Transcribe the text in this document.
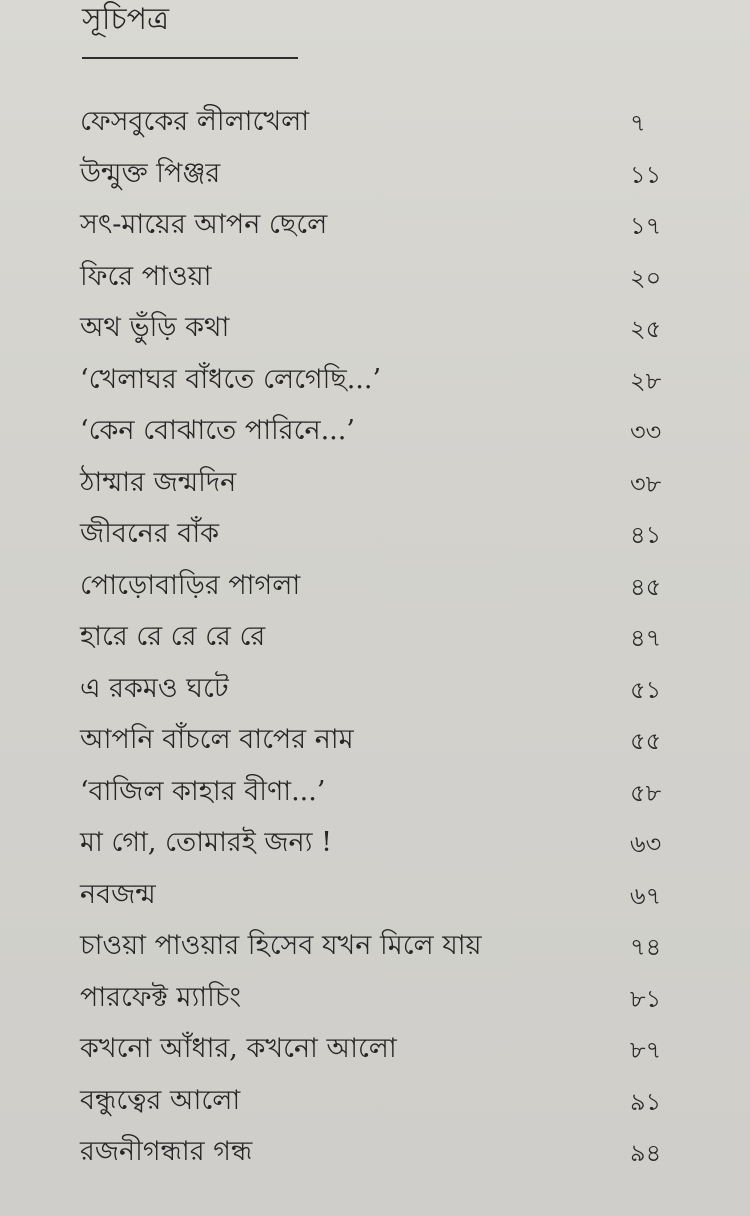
সূচিপত্র
ফেসবুকের লীলাখেলা	৭
উন্মুক্ত পিঞ্জর	১১
সৎ-মায়ের আপন ছেলে	১৭
ফিরে পাওয়া	২০
অথ ভুঁড়ি কথা	২৫
‘খেলাঘর বাঁধতে লেগেছি...’	২৮
‘কেন বোঝাতে পারিনে...’	৩৩
ঠাম্মার জন্মদিন	৩৮
জীবনের বাঁক	৪১
পোড়োবাড়ির পাগলা	৪৫
হারে রে রে রে রে	৪৭
এ রকমও ঘটে	৫১
আপনি বাঁচলে বাপের নাম	৫৫
‘বাজিল কাহার বীণা...’	৫৮
মা গো, তোমারই জন্য !	৬৩
নবজন্ম	৬৭
চাওয়া পাওয়ার হিসেব যখন মিলে যায়	৭৪
পারফেক্ট ম্যাচিং	৮১
কখনো আঁধার, কখনো আলো	৮৭
বন্ধুত্বের আলো	৯১
রজনীগন্ধার গন্ধ	৯৪
